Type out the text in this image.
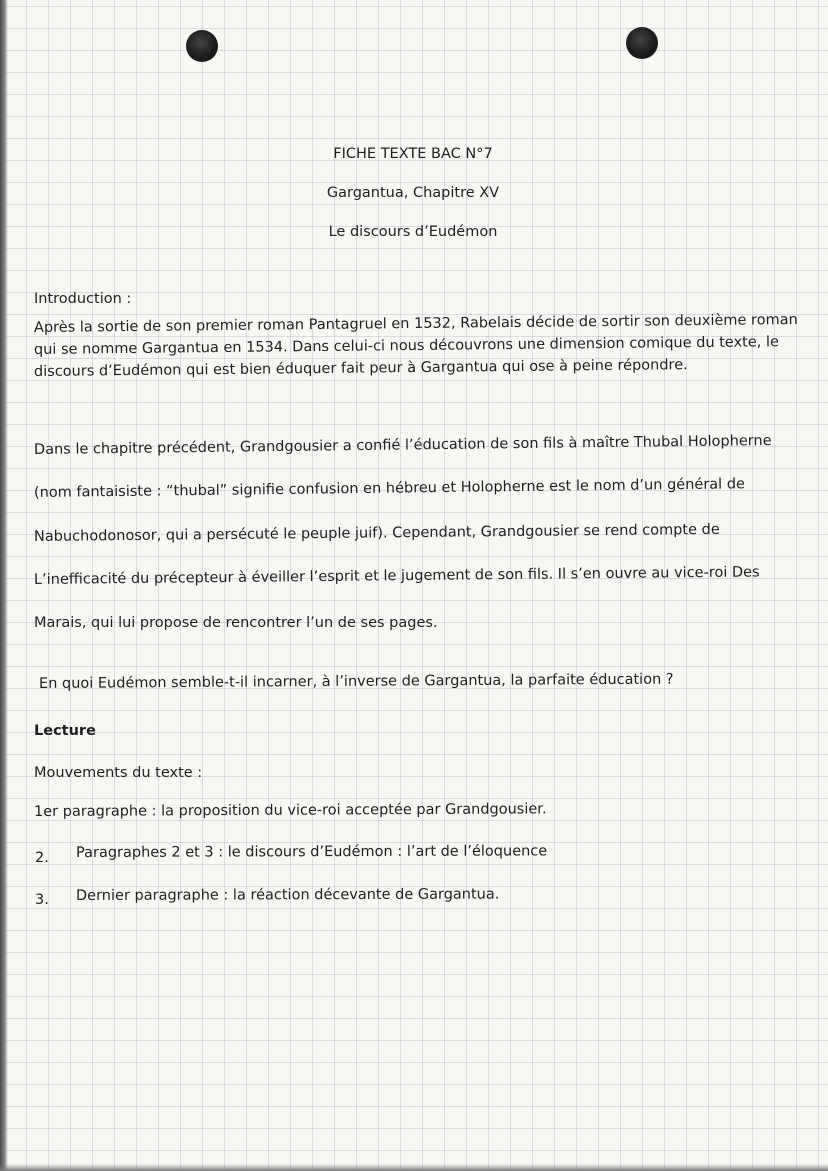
FICHE TEXTE BAC N°7
Gargantua, Chapitre XV
Le discours d’Eudémon
Introduction :
Après la sortie de son premier roman Pantagruel en 1532, Rabelais décide de sortir son deuxième roman
qui se nomme Gargantua en 1534. Dans celui-ci nous découvrons une dimension comique du texte, le
discours d’Eudémon qui est bien éduquer fait peur à Gargantua qui ose à peine répondre.
Dans le chapitre précédent, Grandgousier a confié l’éducation de son fils à maître Thubal Holopherne
(nom fantaisiste : “thubal” signifie confusion en hébreu et Holopherne est le nom d’un général de
Nabuchodonosor, qui a persécuté le peuple juif). Cependant, Grandgousier se rend compte de
L’inefficacité du précepteur à éveiller l’esprit et le jugement de son fils. Il s’en ouvre au vice-roi Des
Marais, qui lui propose de rencontrer l’un de ses pages.
En quoi Eudémon semble-t-il incarner, à l’inverse de Gargantua, la parfaite éducation ?
Lecture
Mouvements du texte :
1er paragraphe : la proposition du vice-roi acceptée par Grandgousier.
2. Paragraphes 2 et 3 : le discours d’Eudémon : l’art de l’éloquence
3. Dernier paragraphe : la réaction décevante de Gargantua.
